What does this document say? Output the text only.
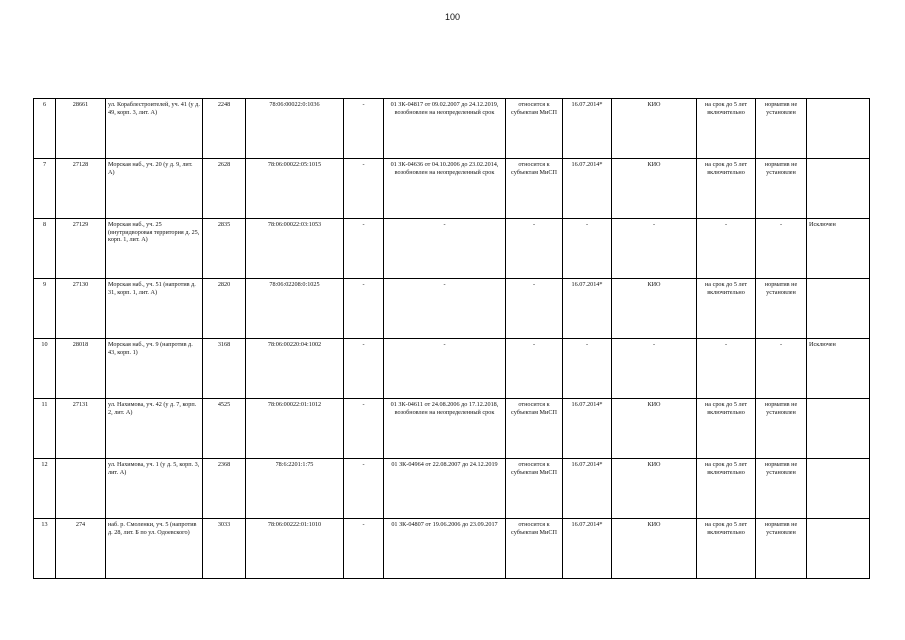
100
6	28661	ул. Кораблестроителей, уч. 41 (у д. 49, корп. 3, лит. А)	2248	78:06:00022:0:1036	-	01 ЗК-04817 от 09.02.2007 до 24.12.2019, возобновлен на неопределенный срок	относится к субъектам МиСП	16.07.2014*	КИО	на срок до 5 лет включительно	норматив не установлен	
7	27128	Морская наб., уч. 20 (у д. 9, лит. А)	2628	78:06:00022:05:1015	-	01 ЗК-04636 от 04.10.2006 до 23.02.2014, возобновлен на неопределенный срок	относится к субъектам МиСП	16.07.2014*	КИО	на срок до 5 лет включительно	норматив не установлен	
8	27129	Морская наб., уч. 25 (внутридворовая территория д. 25, корп. 1, лит. А)	2835	78:06:00022:03:1053	-	-	-	-	-	-	-	Исключен
9	27130	Морская наб., уч. 51 (напротив д. 31, корп. 1, лит. А)	2820	78:06:02208:0:1025	-	-	-	16.07.2014*	КИО	на срок до 5 лет включительно	норматив не установлен	
10	28018	Морская наб., уч. 9 (напротив д. 43, корп. 1)	3168	78:06:00220:04:1002	-	-	-	-	-	-	-	Исключен
11	27131	ул. Нахимова, уч. 42 (у д. 7, корп. 2, лит. А)	4525	78:06:00022:01:1012	-	01 ЗК-04611 от 24.08.2006 до 17.12.2018, возобновлен на неопределенный срок	относится к субъектам МиСП	16.07.2014*	КИО	на срок до 5 лет включительно	норматив не установлен	
12		ул. Нахимова, уч. 1 (у д. 5, корп. 3, лит. А)	2368	78:6:2201:1:75	-	01 ЗК-04964 от 22.08.2007 до 24.12.2019	относится к субъектам МиСП	16.07.2014*	КИО	на срок до 5 лет включительно	норматив не установлен	
13	274	наб. р. Смоленки, уч. 5 (напротив д. 28, лит. Б по ул. Одоевского)	3033	78:06:00222:01:1010	-	01 ЗК-04807 от 19.06.2006 до 23.09.2017	относится к субъектам МиСП	16.07.2014*	КИО	на срок до 5 лет включительно	норматив не установлен	
